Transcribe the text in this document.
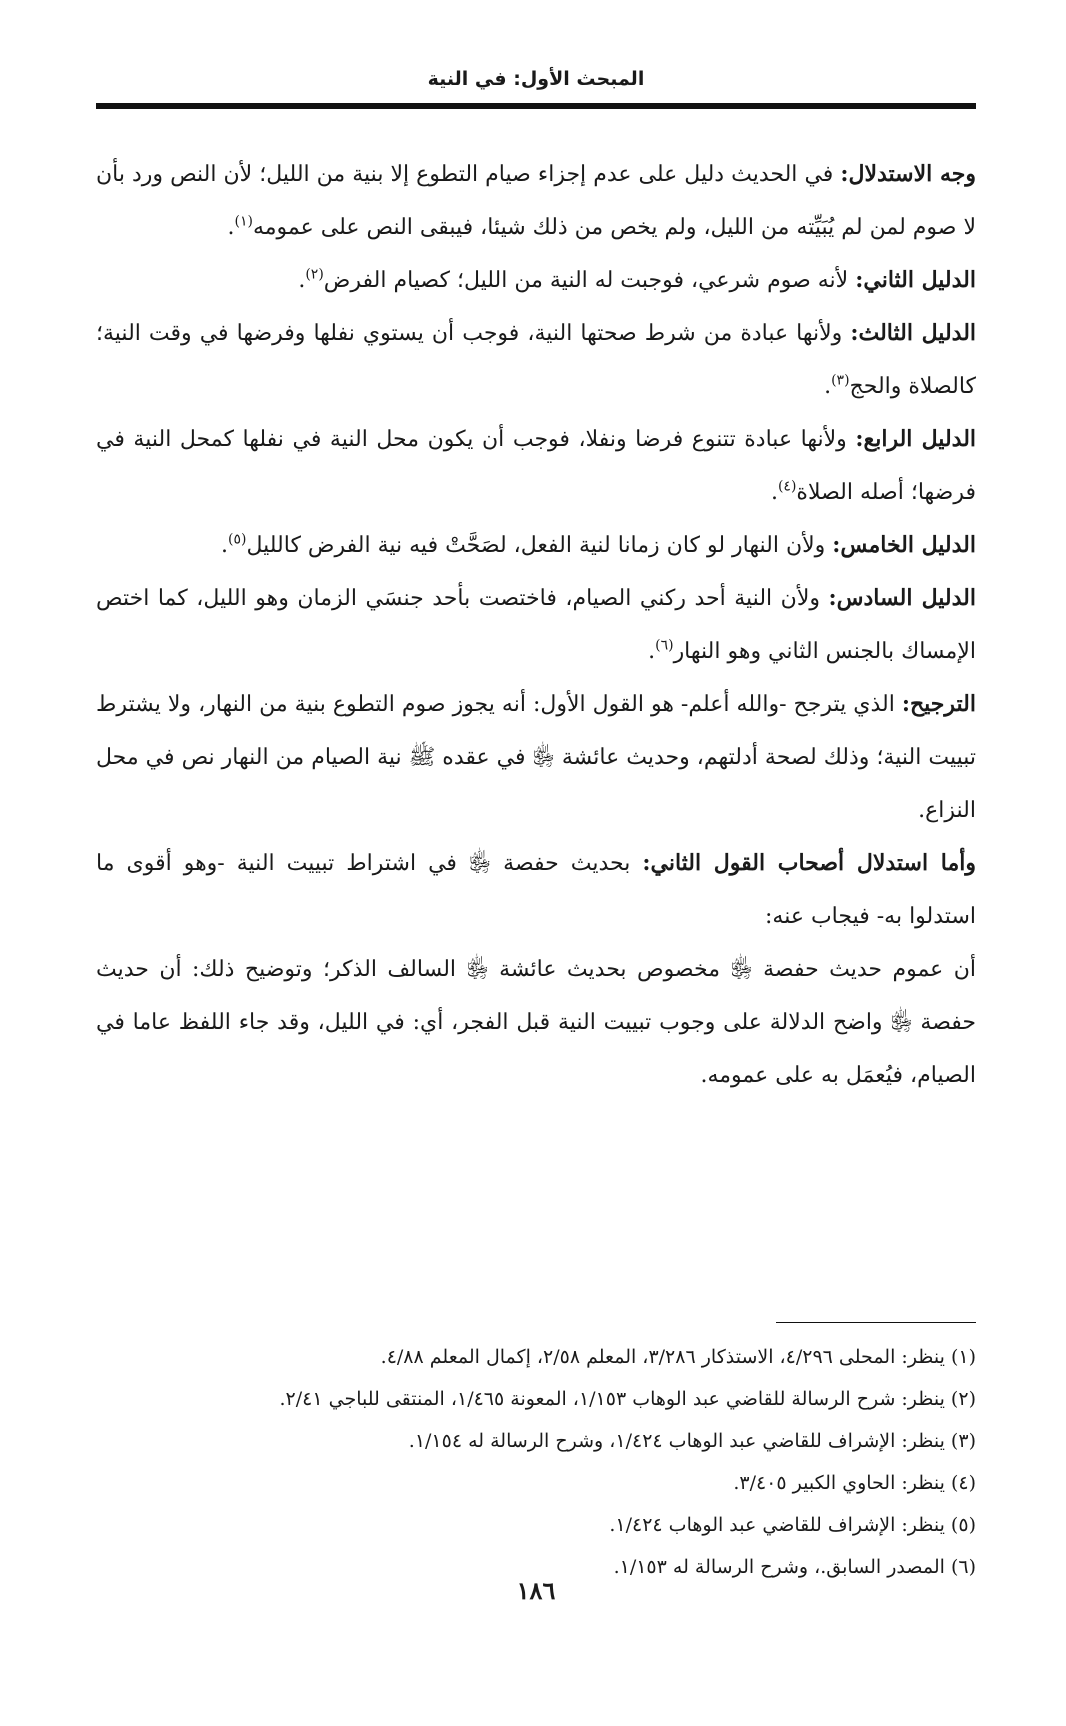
المبحث الأول: في النية

وجه الاستدلال: في الحديث دليل على عدم إجزاء صيام التطوع إلا بنية من الليل؛ لأن النص ورد بأن لا صوم لمن لم يُبَيِّته من الليل، ولم يخص من ذلك شيئا، فيبقى النص على عمومه$^{(١)}$.

الدليل الثاني: لأنه صوم شرعي، فوجبت له النية من الليل؛ كصيام الفرض$^{(٢)}$.

الدليل الثالث: ولأنها عبادة من شرط صحتها النية، فوجب أن يستوي نفلها وفرضها في وقت النية؛ كالصلاة والحج$^{(٣)}$.

الدليل الرابع: ولأنها عبادة تتنوع فرضا ونفلا، فوجب أن يكون محل النية في نفلها كمحل النية في فرضها؛ أصله الصلاة$^{(٤)}$.

الدليل الخامس: ولأن النهار لو كان زمانا لنية الفعل، لصَحَّتْ فيه نية الفرض كالليل$^{(٥)}$.

الدليل السادس: ولأن النية أحد ركني الصيام، فاختصت بأحد جنسَي الزمان وهو الليل، كما اختص الإمساك بالجنس الثاني وهو النهار$^{(٦)}$.

الترجيح: الذي يترجح -والله أعلم- هو القول الأول: أنه يجوز صوم التطوع بنية من النهار، ولا يشترط تبييت النية؛ وذلك لصحة أدلتهم، وحديث عائشة ﵂ في عقده ﷺ نية الصيام من النهار نص في محل النزاع.

وأما استدلال أصحاب القول الثاني: بحديث حفصة ﵂ في اشتراط تبييت النية -وهو أقوى ما استدلوا به- فيجاب عنه:

أن عموم حديث حفصة ﵂ مخصوص بحديث عائشة ﵂ السالف الذكر؛ وتوضيح ذلك: أن حديث حفصة ﵂ واضح الدلالة على وجوب تبييت النية قبل الفجر، أي: في الليل، وقد جاء اللفظ عاما في الصيام، فيُعمَل به على عمومه.

(١) ينظر: المحلى ٤/٢٩٦، الاستذكار ٣/٢٨٦، المعلم ٢/٥٨، إكمال المعلم ٤/٨٨.
(٢) ينظر: شرح الرسالة للقاضي عبد الوهاب ١/١٥٣، المعونة ١/٤٦٥، المنتقى للباجي ٢/٤١.
(٣) ينظر: الإشراف للقاضي عبد الوهاب ١/٤٢٤، وشرح الرسالة له ١/١٥٤.
(٤) ينظر: الحاوي الكبير ٣/٤٠٥.
(٥) ينظر: الإشراف للقاضي عبد الوهاب ١/٤٢٤.
(٦) المصدر السابق.، وشرح الرسالة له ١/١٥٣.
١٨٦
